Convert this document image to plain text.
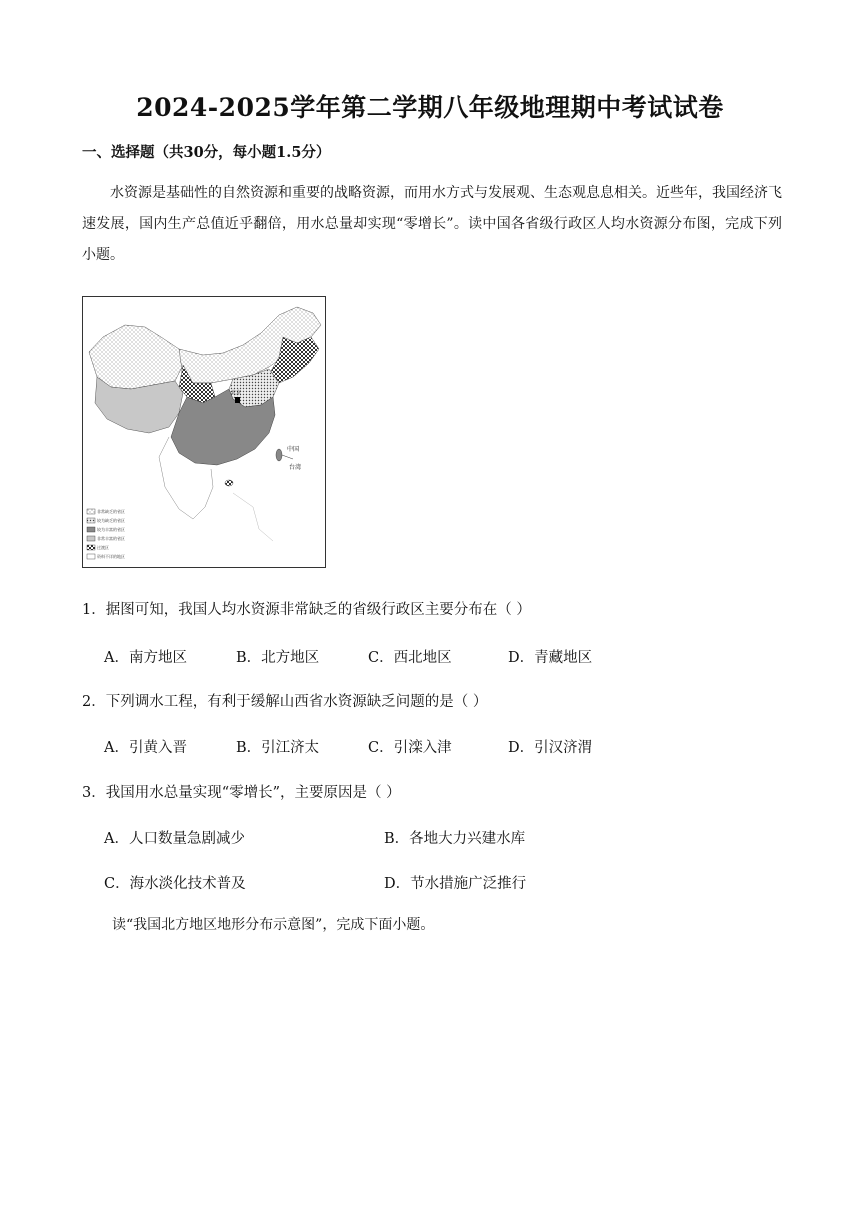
2024-2025学年第二学期八年级地理期中考试试卷
一、选择题（共30分，每小题1.5分）
水资源是基础性的自然资源和重要的战略资源，而用水方式与发展观、生态观息息相关。近些年，我国经济飞速发展，国内生产总值近乎翻倍，用水总量却实现“零增长”。读中国各省级行政区人均水资源分布图，完成下列小题。
北京
中国
台湾
非常缺乏的省区
较为缺乏的省区
较为丰富的省区
非常丰富的省区
过渡区
资料不详的地区
1．据图可知，我国人均水资源非常缺乏的省级行政区主要分布在（ ）
A．南方地区	B．北方地区	C．西北地区	D．青藏地区
2．下列调水工程，有利于缓解山西省水资源缺乏问题的是（ ）
A．引黄入晋	B．引江济太	C．引滦入津	D．引汉济渭
3．我国用水总量实现“零增长”，主要原因是（ ）
A．人口数量急剧减少	B．各地大力兴建水库
C．海水淡化技术普及	D．节水措施广泛推行
读“我国北方地区地形分布示意图”，完成下面小题。
